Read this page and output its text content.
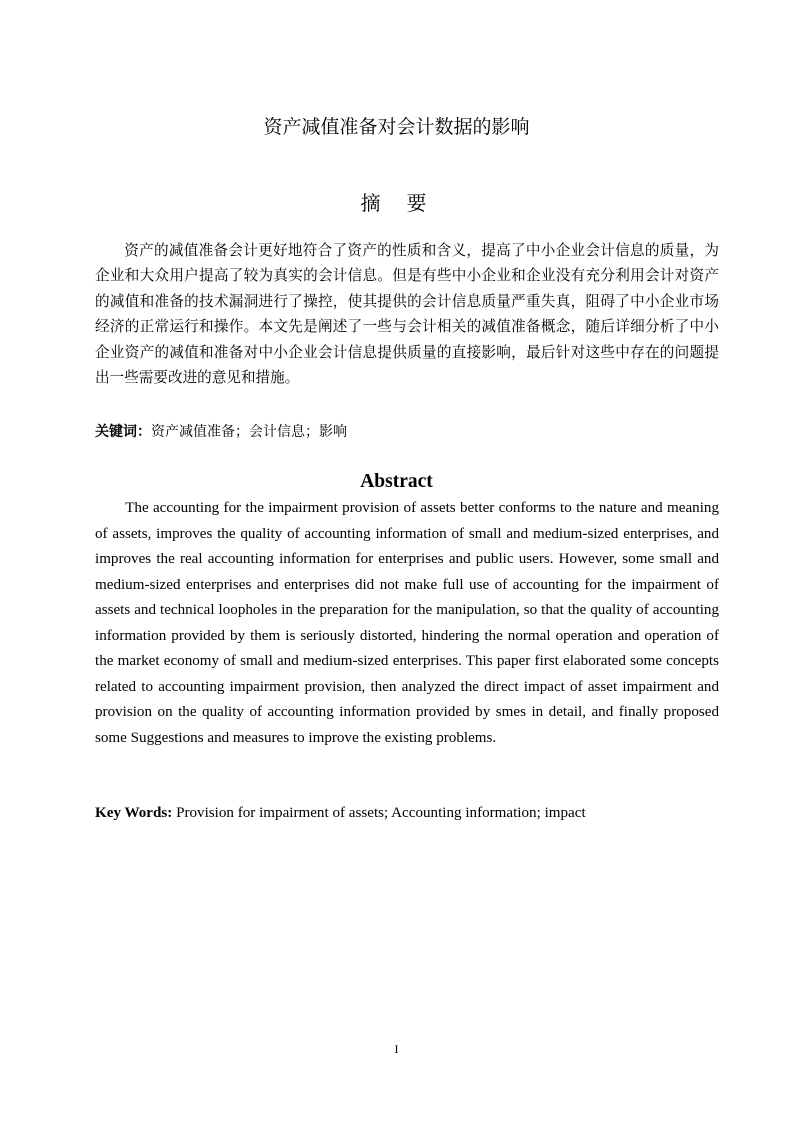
资产减值准备对会计数据的影响
摘要

资产的减值准备会计更好地符合了资产的性质和含义，提高了中小企业会计信息的质量，为企业和大众用户提高了较为真实的会计信息。但是有些中小企业和企业没有充分利用会计对资产的减值和准备的技术漏洞进行了操控，使其提供的会计信息质量严重失真，阻碍了中小企业市场经济的正常运行和操作。本文先是阐述了一些与会计相关的减值准备概念，随后详细分析了中小企业资产的减值和准备对中小企业会计信息提供质量的直接影响，最后针对这些中存在的问题提出一些需要改进的意见和措施。

关键词：资产减值准备；会计信息；影响

Abstract

The accounting for the impairment provision of assets better conforms to the nature and meaning of assets, improves the quality of accounting information of small and medium-sized enterprises, and improves the real accounting information for enterprises and public users. However, some small and medium-sized enterprises and enterprises did not make full use of accounting for the impairment of assets and technical loopholes in the preparation for the manipulation, so that the quality of accounting information provided by them is seriously distorted, hindering the normal operation and operation of the market economy of small and medium-sized enterprises. This paper first elaborated some concepts related to accounting impairment provision, then analyzed the direct impact of asset impairment and provision on the quality of accounting information provided by smes in detail, and finally proposed some Suggestions and measures to improve the existing problems.

Key Words: Provision for impairment of assets; Accounting information; impact

I
